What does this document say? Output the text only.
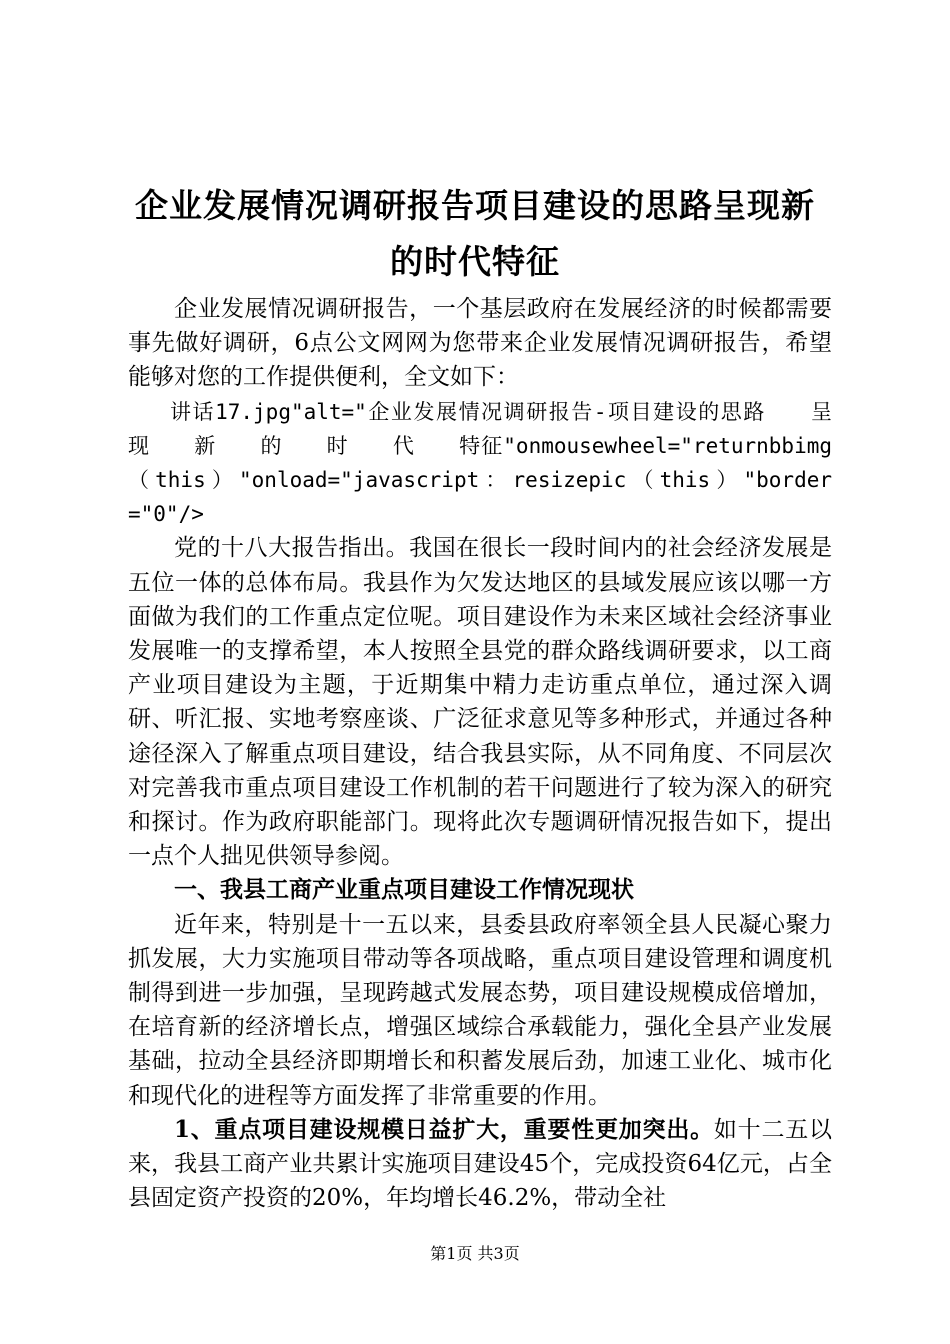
企业发展情况调研报告项目建设的思路呈现新
的时代特征

企业发展情况调研报告，一个基层政府在发展经济的时候都需要事先做好调研，6点公文网网为您带来企业发展情况调研报告，希望能够对您的工作提供便利，全文如下：

讲话17.jpg"alt="企业发展情况调研报告-项目建设的思路　　呈　　现　　新　　的　　时　　代　　特征"onmousewheel="returnbbimg（this）"onload="javascript：resizepic（this）"border="0"/>

党的十八大报告指出。我国在很长一段时间内的社会经济发展是五位一体的总体布局。我县作为欠发达地区的县域发展应该以哪一方面做为我们的工作重点定位呢。项目建设作为未来区域社会经济事业发展唯一的支撑希望，本人按照全县党的群众路线调研要求，以工商产业项目建设为主题，于近期集中精力走访重点单位，通过深入调研、听汇报、实地考察座谈、广泛征求意见等多种形式，并通过各种途径深入了解重点项目建设，结合我县实际，从不同角度、不同层次对完善我市重点项目建设工作机制的若干问题进行了较为深入的研究和探讨。作为政府职能部门。现将此次专题调研情况报告如下，提出一点个人拙见供领导参阅。

一、我县工商产业重点项目建设工作情况现状

近年来，特别是十一五以来，县委县政府率领全县人民凝心聚力抓发展，大力实施项目带动等各项战略，重点项目建设管理和调度机制得到进一步加强，呈现跨越式发展态势，项目建设规模成倍增加，在培育新的经济增长点，增强区域综合承载能力，强化全县产业发展基础，拉动全县经济即期增长和积蓄发展后劲，加速工业化、城市化和现代化的进程等方面发挥了非常重要的作用。

1、重点项目建设规模日益扩大，重要性更加突出。如十二五以来，我县工商产业共累计实施项目建设45个，完成投资64亿元，占全县固定资产投资的20%，年均增长46.2%，带动全社

第1页 共3页
